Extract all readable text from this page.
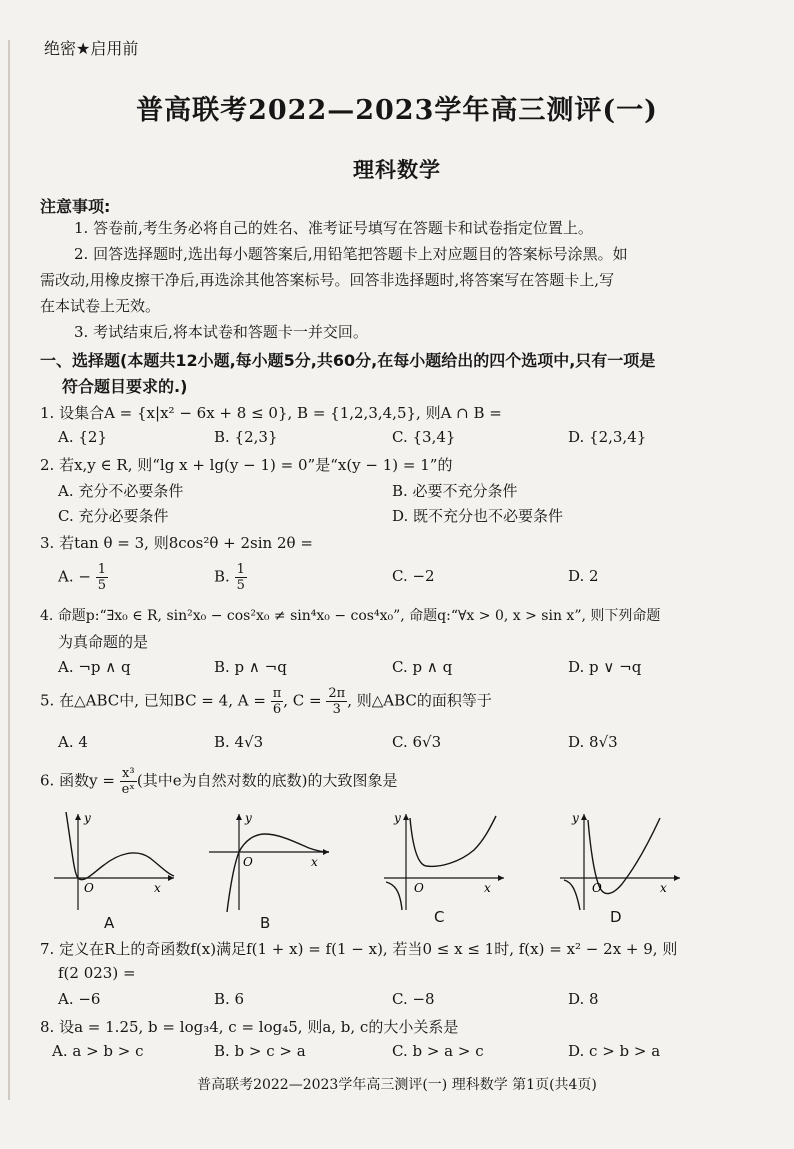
绝密★启用前
普高联考2022—2023学年高三测评(一)
理科数学
注意事项:
1. 答卷前,考生务必将自己的姓名、准考证号填写在答题卡和试卷指定位置上。
2. 回答选择题时,选出每小题答案后,用铅笔把答题卡上对应题目的答案标号涂黑。如
需改动,用橡皮擦干净后,再选涂其他答案标号。回答非选择题时,将答案写在答题卡上,写
在本试卷上无效。
3. 考试结束后,将本试卷和答题卡一并交回。
一、选择题(本题共12小题,每小题5分,共60分,在每小题给出的四个选项中,只有一项是
符合题目要求的.)
1. 设集合A = {x|x² − 6x + 8 ≤ 0}, B = {1,2,3,4,5}, 则A ∩ B =
A. {2}	B. {2,3}	C. {3,4}	D. {2,3,4}
2. 若x,y ∈ R, 则“lg x + lg(y − 1) = 0”是“x(y − 1) = 1”的
A. 充分不必要条件	B. 必要不充分条件
C. 充分必要条件	D. 既不充分也不必要条件
3. 若tan θ = 3, 则8cos²θ + 2sin 2θ =
A. − $\frac{1}{5}$	B. $\frac{1}{5}$	C. −2	D. 2
4. 命题p:“∃x₀ ∈ R, sin²x₀ − cos²x₀ ≠ sin⁴x₀ − cos⁴x₀”, 命题q:“∀x > 0, x > sin x”, 则下列命题
为真命题的是
A. ¬p ∧ q	B. p ∧ ¬q	C. p ∧ q	D. p ∨ ¬q
5. 在△ABC中, 已知BC = 4, $A = \frac{\pi}{6}$ , $C = \frac{2\pi}{3}$ , 则△ABC的面积等于
A. 4	B. 4√3	C. 6√3	D. 8√3
6. 函数$y = \frac{\text{x³}}{\text{eˣ}}$ (其中e为自然对数的底数)的大致图象是
y
O	x
A
y
O	x
B
y
O	x
C
y
O	x
D
7. 定义在R上的奇函数f(x)满足f(1 + x) = f(1 − x), 若当0 ≤ x ≤ 1时, f(x) = x² − 2x + 9, 则
f(2 023) =
A. −6	B. 6	C. −8	D. 8
8. 设a = 1.25, b = log₃4, c = log₄5, 则a, b, c的大小关系是
A. a > b > c	B. b > c > a	C. b > a > c	D. c > b > a
普高联考2022—2023学年高三测评(一) 理科数学 第1页(共4页)
